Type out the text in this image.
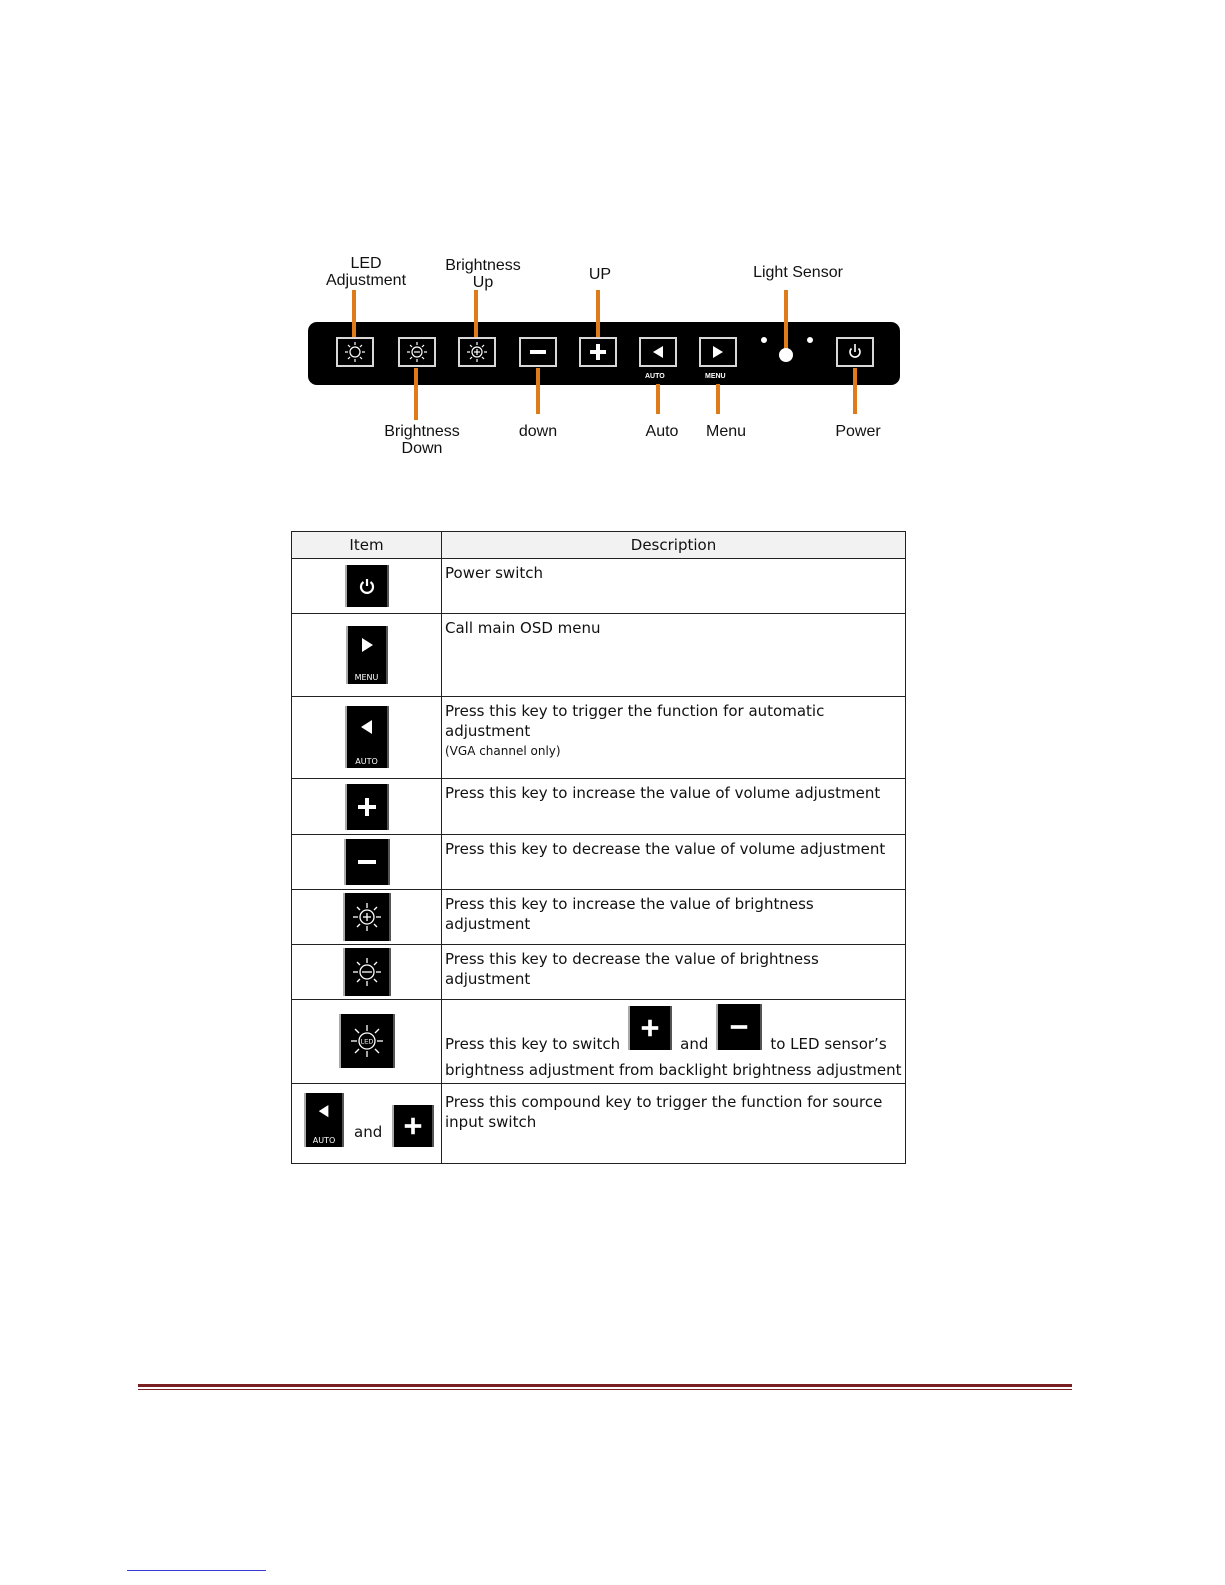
AUTO	MENU
LED
Adjustment
Brightness
Up	UP	Light Sensor
Brightness
Down
down	Auto	Menu	Power
Item	Description

	Power switch

MENU	Call main OSD menu

AUTO	Press this key to trigger the function for automatic adjustment
(VGA channel only)

	Press this key to increase the value of volume adjustment

	Press this key to decrease the value of volume adjustment

	Press this key to increase the value of brightness adjustment

	Press this key to decrease the value of brightness adjustment

LED	Press this key to switch and to LED sensor’s
brightness adjustment from backlight brightness adjustment

AUTO and	Press this compound key to trigger the function for source input switch
